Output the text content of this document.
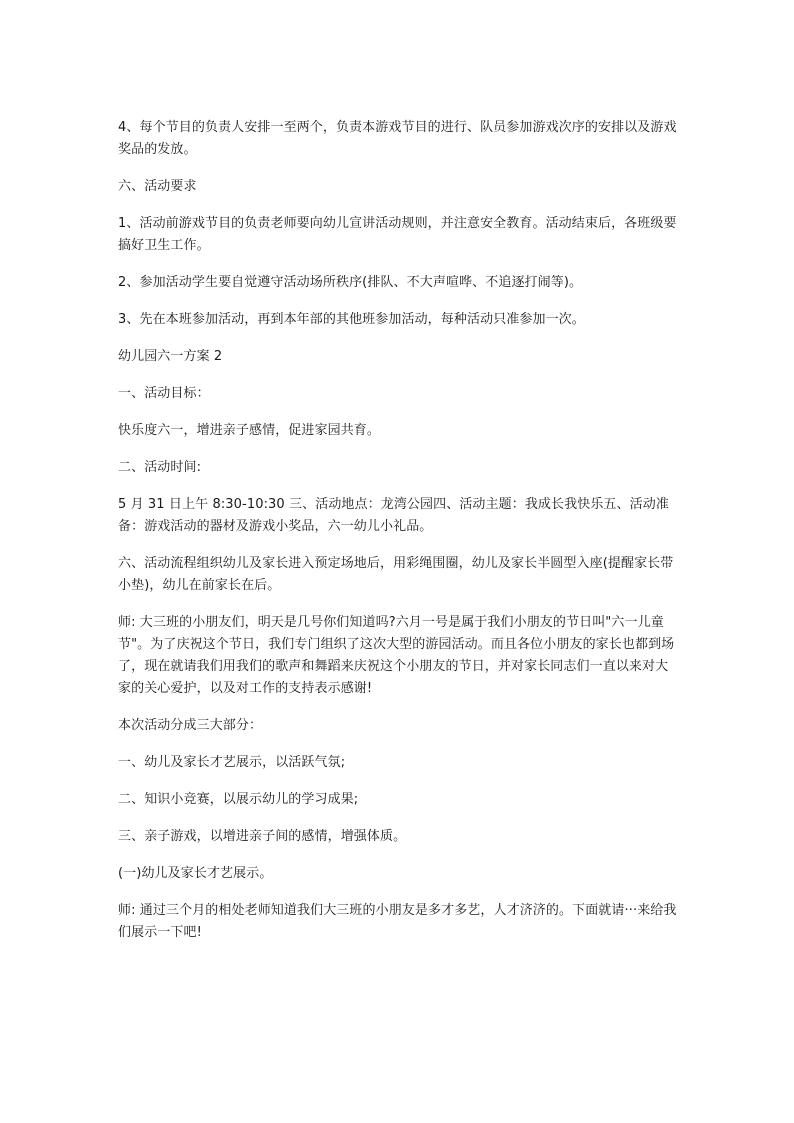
4、每个节目的负责人安排一至两个，负责本游戏节目的进行、队员参加游戏次序的安排以及游戏奖品的发放。

六、活动要求

1、活动前游戏节目的负责老师要向幼儿宣讲活动规则，并注意安全教育。活动结束后，各班级要搞好卫生工作。

2、参加活动学生要自觉遵守活动场所秩序(排队、不大声喧哗、不追逐打闹等)。

3、先在本班参加活动，再到本年部的其他班参加活动，每种活动只准参加一次。

幼儿园六一方案 2

一、活动目标：

快乐度六一，增进亲子感情，促进家园共育。

二、活动时间:

5 月 31 日上午 8:30-10:30 三、活动地点：龙湾公园四、活动主题：我成长我快乐五、活动准备：游戏活动的器材及游戏小奖品，六一幼儿小礼品。

六、活动流程组织幼儿及家长进入预定场地后，用彩绳围圈，幼儿及家长半圆型入座(提醒家长带小垫)，幼儿在前家长在后。

师: 大三班的小朋友们，明天是几号你们知道吗?六月一号是属于我们小朋友的节日叫"六一儿童节"。为了庆祝这个节日，我们专门组织了这次大型的游园活动。而且各位小朋友的家长也都到场了，现在就请我们用我们的歌声和舞蹈来庆祝这个小朋友的节日，并对家长同志们一直以来对大家的关心爱护，以及对工作的支持表示感谢!

本次活动分成三大部分：

一、幼儿及家长才艺展示，以活跃气氛;

二、知识小竞赛，以展示幼儿的学习成果;

三、亲子游戏，以增进亲子间的感情，增强体质。

(一)幼儿及家长才艺展示。

师: 通过三个月的相处老师知道我们大三班的小朋友是多才多艺，人才济济的。下面就请···来给我们展示一下吧!
